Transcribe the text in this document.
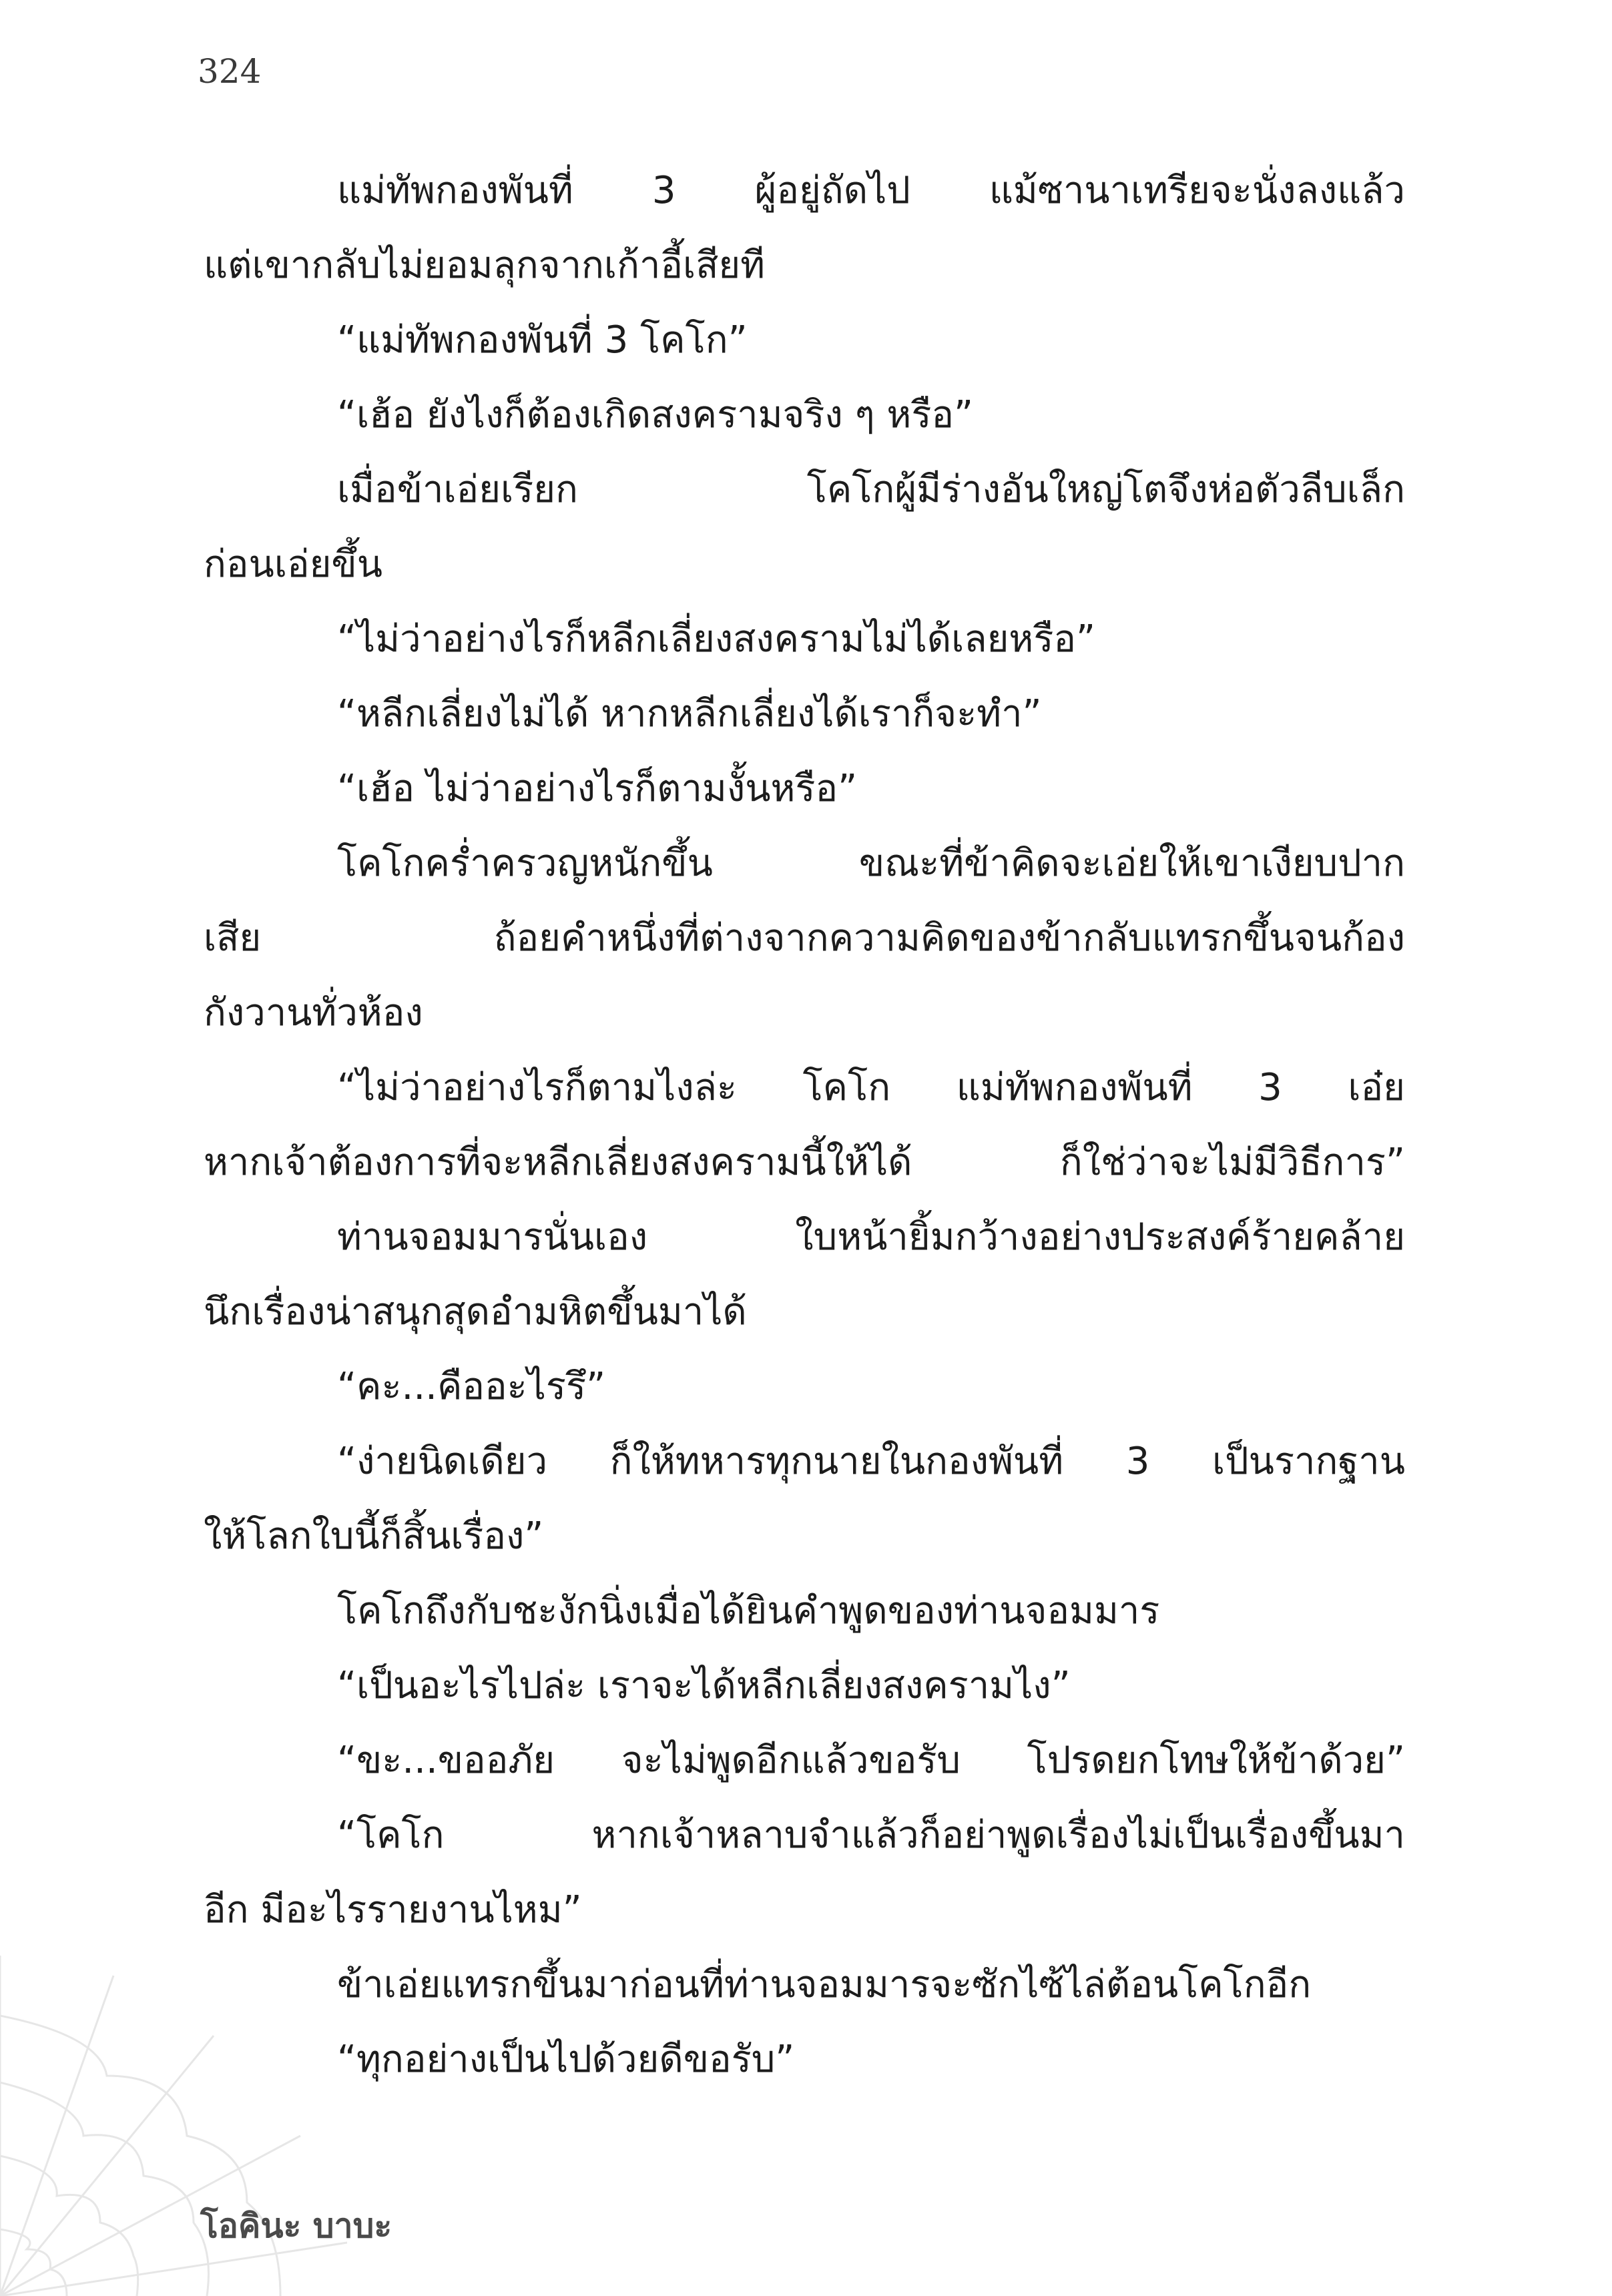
324
แม่ทัพกองพันที่ 3 ผู้อยู่ถัดไป แม้ซานาเทรียจะนั่งลงแล้ว
แต่เขากลับไม่ยอมลุกจากเก้าอี้เสียที
“แม่ทัพกองพันที่ 3 โคโก”
“เฮ้อ ยังไงก็ต้องเกิดสงครามจริง ๆ หรือ”
เมื่อข้าเอ่ยเรียก โคโกผู้มีร่างอันใหญ่โตจึงห่อตัวลีบเล็ก
ก่อนเอ่ยขึ้น
“ไม่ว่าอย่างไรก็หลีกเลี่ยงสงครามไม่ได้เลยหรือ”
“หลีกเลี่ยงไม่ได้ หากหลีกเลี่ยงได้เราก็จะทำ”
“เฮ้อ ไม่ว่าอย่างไรก็ตามงั้นหรือ”
โคโกคร่ำครวญหนักขึ้น ขณะที่ข้าคิดจะเอ่ยให้เขาเงียบปาก
เสีย ถ้อยคำหนึ่งที่ต่างจากความคิดของข้ากลับแทรกขึ้นจนก้อง
กังวานทั่วห้อง
“ไม่ว่าอย่างไรก็ตามไงล่ะ โคโก แม่ทัพกองพันที่ 3 เอ๋ย
หากเจ้าต้องการที่จะหลีกเลี่ยงสงครามนี้ให้ได้ ก็ใช่ว่าจะไม่มีวิธีการ”
ท่านจอมมารนั่นเอง ใบหน้ายิ้มกว้างอย่างประสงค์ร้ายคล้าย
นึกเรื่องน่าสนุกสุดอำมหิตขึ้นมาได้
“คะ...คืออะไรรึ”
“ง่ายนิดเดียว ก็ให้ทหารทุกนายในกองพันที่ 3 เป็นรากฐาน
ให้โลกใบนี้ก็สิ้นเรื่อง”
โคโกถึงกับชะงักนิ่งเมื่อได้ยินคำพูดของท่านจอมมาร
“เป็นอะไรไปล่ะ เราจะได้หลีกเลี่ยงสงครามไง”
“ขะ...ขออภัย จะไม่พูดอีกแล้วขอรับ โปรดยกโทษให้ข้าด้วย”
“โคโก หากเจ้าหลาบจำแล้วก็อย่าพูดเรื่องไม่เป็นเรื่องขึ้นมา
อีก มีอะไรรายงานไหม”
ข้าเอ่ยแทรกขึ้นมาก่อนที่ท่านจอมมารจะซักไซ้ไล่ต้อนโคโกอีก
“ทุกอย่างเป็นไปด้วยดีขอรับ”
โอคินะ บาบะ
